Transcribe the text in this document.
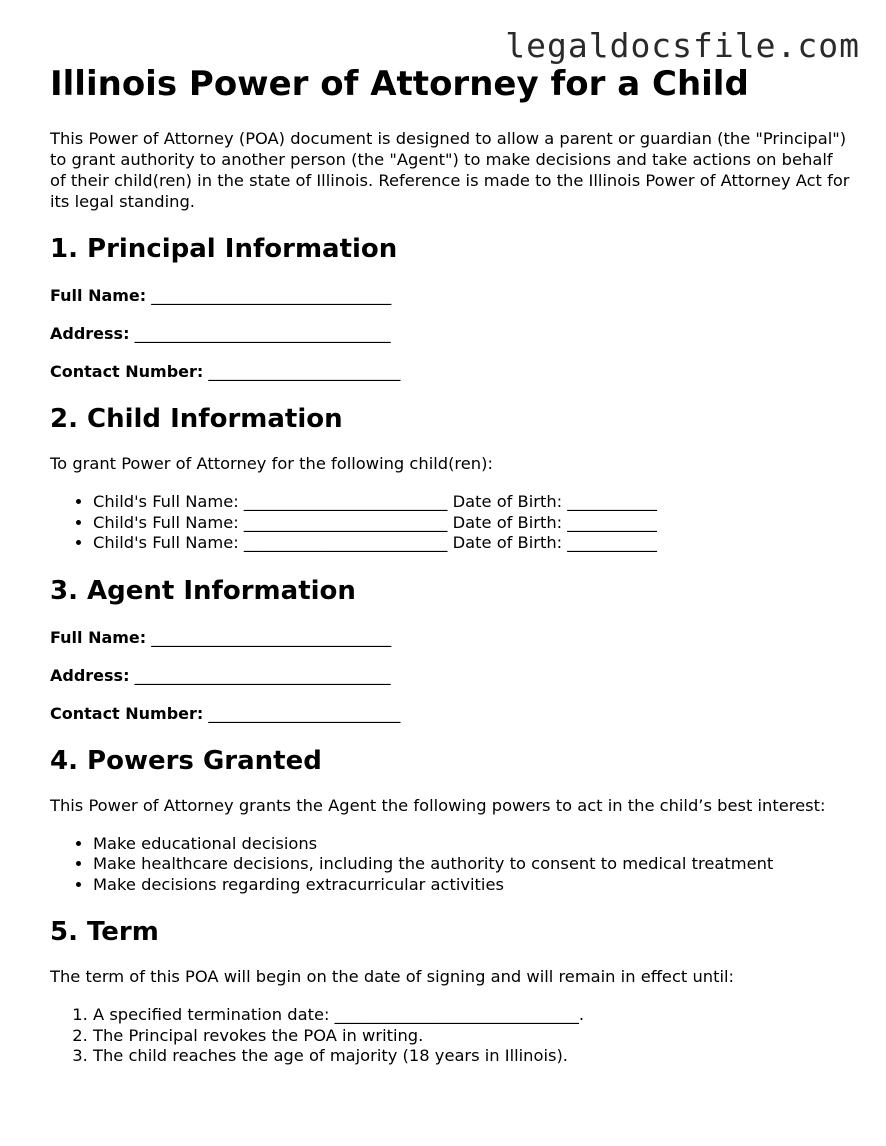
legaldocsfile.com
Illinois Power of Attorney for a Child

This Power of Attorney (POA) document is designed to allow a parent or guardian (the "Principal") to grant authority to another person (the "Agent") to make decisions and take actions on behalf of their child(ren) in the state of Illinois. Reference is made to the Illinois Power of Attorney Act for its legal standing.

1. Principal Information
Full Name: ______________________________
Address: ________________________________
Contact Number: ________________________
2. Child Information

To grant Power of Attorney for the following child(ren):

• Child's Full Name: _________________________ Date of Birth: ___________
• Child's Full Name: _________________________ Date of Birth: ___________
• Child's Full Name: _________________________ Date of Birth: ___________
3. Agent Information
Full Name: ______________________________
Address: ________________________________
Contact Number: ________________________
4. Powers Granted

This Power of Attorney grants the Agent the following powers to act in the child’s best interest:

• Make educational decisions
• Make healthcare decisions, including the authority to consent to medical treatment
• Make decisions regarding extracurricular activities
5. Term

The term of this POA will begin on the date of signing and will remain in effect until:

1. A specified termination date: ______________________________.
2. The Principal revokes the POA in writing.
3. The child reaches the age of majority (18 years in Illinois).
